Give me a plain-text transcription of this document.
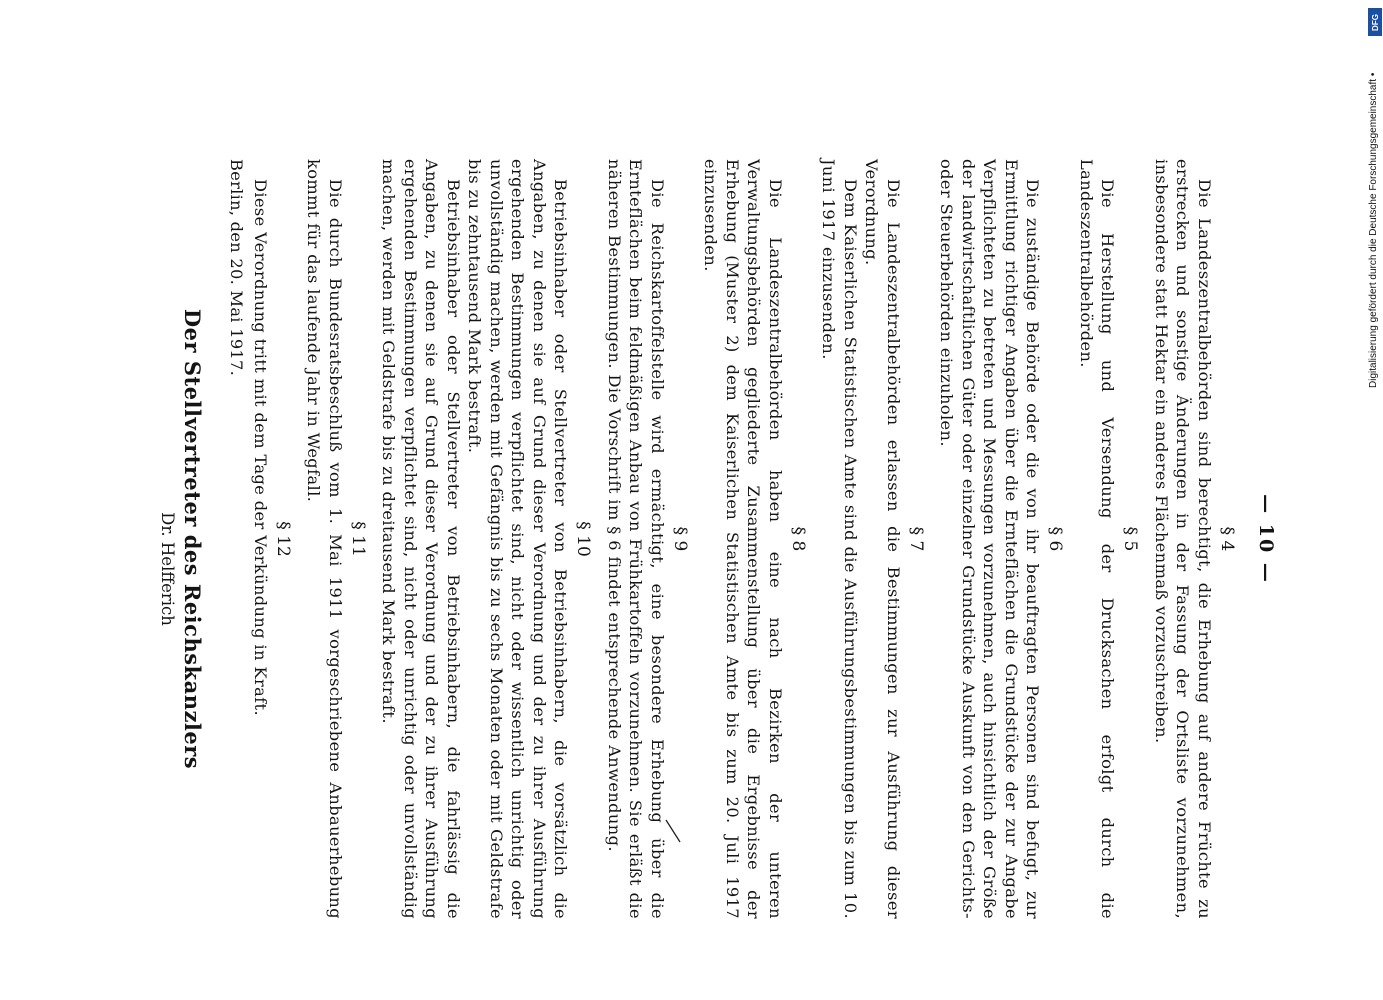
— 10 —
§ 4

Die Landeszentralbehörden sind berechtigt, die Erhebung auf andere Früchte zu erstrecken und sonstige Änderungen in der Fassung der Ortsliste vorzunehmen, insbesondere statt Hektar ein anderes Flächenmaß vorzuschreiben.

§ 5

Die Herstellung und Versendung der Drucksachen erfolgt durch die Landeszentralbehörden.

§ 6

Die zuständige Behörde oder die von ihr beauftragten Personen sind befugt, zur Ermittlung richtiger Angaben über die Ernteflächen die Grundstücke der zur Angabe Verpflichteten zu betreten und Messungen vorzunehmen, auch hinsichtlich der Größe der landwirtschaftlichen Güter oder einzelner Grundstücke Auskunft von den Gerichts- oder Steuerbehörden einzuholen.

§ 7

Die Landeszentralbehörden erlassen die Bestimmungen zur Ausführung dieser Verordnung.

Dem Kaiserlichen Statistischen Amte sind die Ausführungsbestimmungen bis zum 10. Juni 1917 einzusenden.

§ 8

Die Landeszentralbehörden haben eine nach Bezirken der unteren Verwaltungsbehörden gegliederte Zusammenstellung über die Ergebnisse der Erhebung (Muster 2) dem Kaiserlichen Statistischen Amte bis zum 20. Juli 1917 einzusenden.

§ 9

Die Reichskartoffelstelle wird ermächtigt, eine besondere Erhebung über die Ernteflächen beim feldmäßigen Anbau von Frühkartoffeln vorzunehmen. Sie erläßt die näheren Bestimmungen. Die Vorschrift im § 6 findet entsprechende Anwendung.

§ 10

Betriebsinhaber oder Stellvertreter von Betriebsinhabern, die vorsätzlich die Angaben, zu denen sie auf Grund dieser Verordnung und der zu ihrer Ausführung ergehenden Bestimmungen verpflichtet sind, nicht oder wissentlich unrichtig oder unvollständig machen, werden mit Gefängnis bis zu sechs Monaten oder mit Geldstrafe bis zu zehntausend Mark bestraft.

Betriebsinhaber oder Stellvertreter von Betriebsinhabern, die fahrlässig die Angaben, zu denen sie auf Grund dieser Verordnung und der zu ihrer Ausführung ergehenden Bestimmungen verpflichtet sind, nicht oder unrichtig oder unvollständig machen, werden mit Geldstrafe bis zu dreitausend Mark bestraft.

§ 11

Die durch Bundesratsbeschluß vom 1. Mai 1911 vorgeschriebene Anbauerhebung kommt für das laufende Jahr in Wegfall.

§ 12

Diese Verordnung tritt mit dem Tage der Verkündung in Kraft.

Berlin, den 20. Mai 1917.

Der Stellvertreter des Reichskanzlers
Dr. Helfferich
Digitalisierung gefördert durch die Deutsche Forschungsgemeinschaft •
DFG
